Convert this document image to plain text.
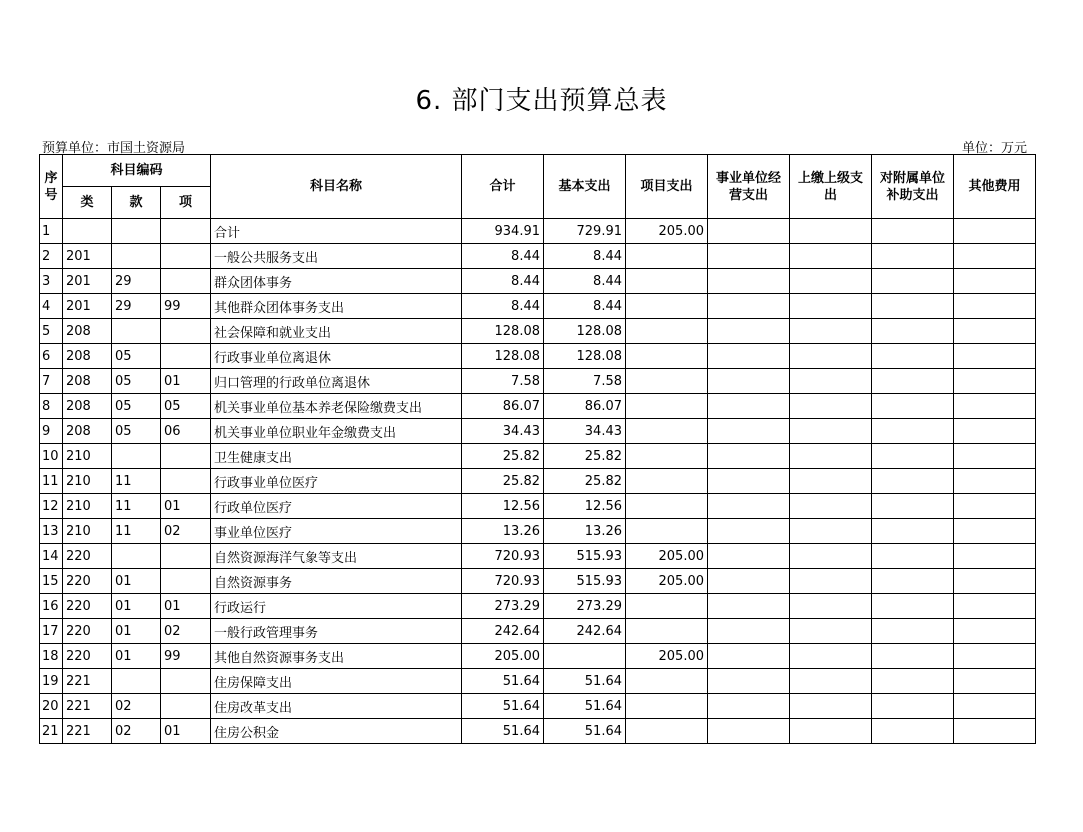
6. 部门支出预算总表
预算单位：市国土资源局	单位：万元
序号	科目编码			科目名称	合计	基本支出	项目支出	事业单位经营支出	上缴上级支出	对附属单位补助支出	其他费用
	类	款	项								
1				合计	934.91	729.91	205.00				
2	201			一般公共服务支出	8.44	8.44					
3	201	29		群众团体事务	8.44	8.44					
4	201	29	99	其他群众团体事务支出	8.44	8.44					
5	208			社会保障和就业支出	128.08	128.08					
6	208	05		行政事业单位离退休	128.08	128.08					
7	208	05	01	归口管理的行政单位离退休	7.58	7.58					
8	208	05	05	机关事业单位基本养老保险缴费支出	86.07	86.07					
9	208	05	06	机关事业单位职业年金缴费支出	34.43	34.43					
10	210			卫生健康支出	25.82	25.82					
11	210	11		行政事业单位医疗	25.82	25.82					
12	210	11	01	行政单位医疗	12.56	12.56					
13	210	11	02	事业单位医疗	13.26	13.26					
14	220			自然资源海洋气象等支出	720.93	515.93	205.00				
15	220	01		自然资源事务	720.93	515.93	205.00				
16	220	01	01	行政运行	273.29	273.29					
17	220	01	02	一般行政管理事务	242.64	242.64					
18	220	01	99	其他自然资源事务支出	205.00		205.00				
19	221			住房保障支出	51.64	51.64					
20	221	02		住房改革支出	51.64	51.64					
21	221	02	01	住房公积金	51.64	51.64					
